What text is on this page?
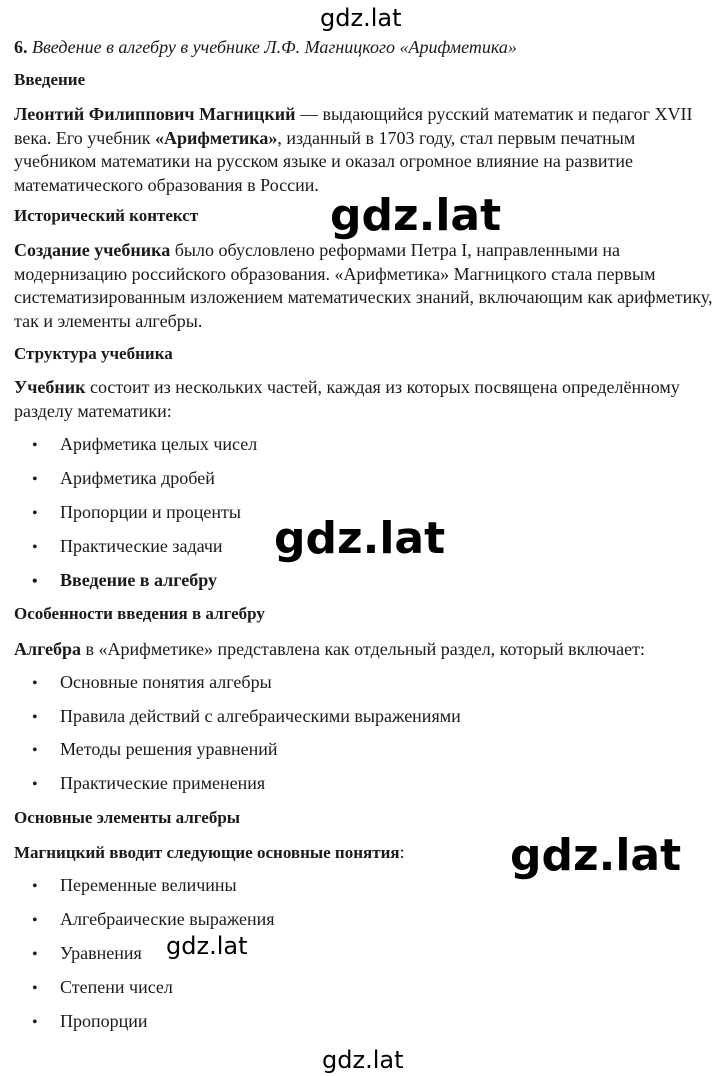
gdz.lat
6. Введение в алгебру в учебнике Л.Ф. Магницкого «Арифметика»
Введение
Леонтий Филиппович Магницкий — выдающийся русский математик и педагог XVII века. Его учебник «Арифметика», изданный в 1703 году, стал первым печатным учебником математики на русском языке и оказал огромное влияние на развитие математического образования в России.
Исторический контекст	gdz.lat
Создание учебника было обусловлено реформами Петра I, направленными на модернизацию российского образования. «Арифметика» Магницкого стала первым систематизированным изложением математических знаний, включающим как арифметику, так и элементы алгебры.
Структура учебника
Учебник состоит из нескольких частей, каждая из которых посвящена определённому разделу математики:
• Арифметика целых чисел
• Арифметика дробей
• Пропорции и проценты
• Практические задачи
• Введение в алгебру
gdz.lat
Особенности введения в алгебру
Алгебра в «Арифметике» представлена как отдельный раздел, который включает:
• Основные понятия алгебры
• Правила действий с алгебраическими выражениями
• Методы решения уравнений
• Практические применения
Основные элементы алгебры
Магницкий вводит следующие основные понятия: gdz.lat
• Переменные величины
• Алгебраические выражения
• Уравнения gdz.lat
• Степени чисел
• Пропорции
gdz.lat
